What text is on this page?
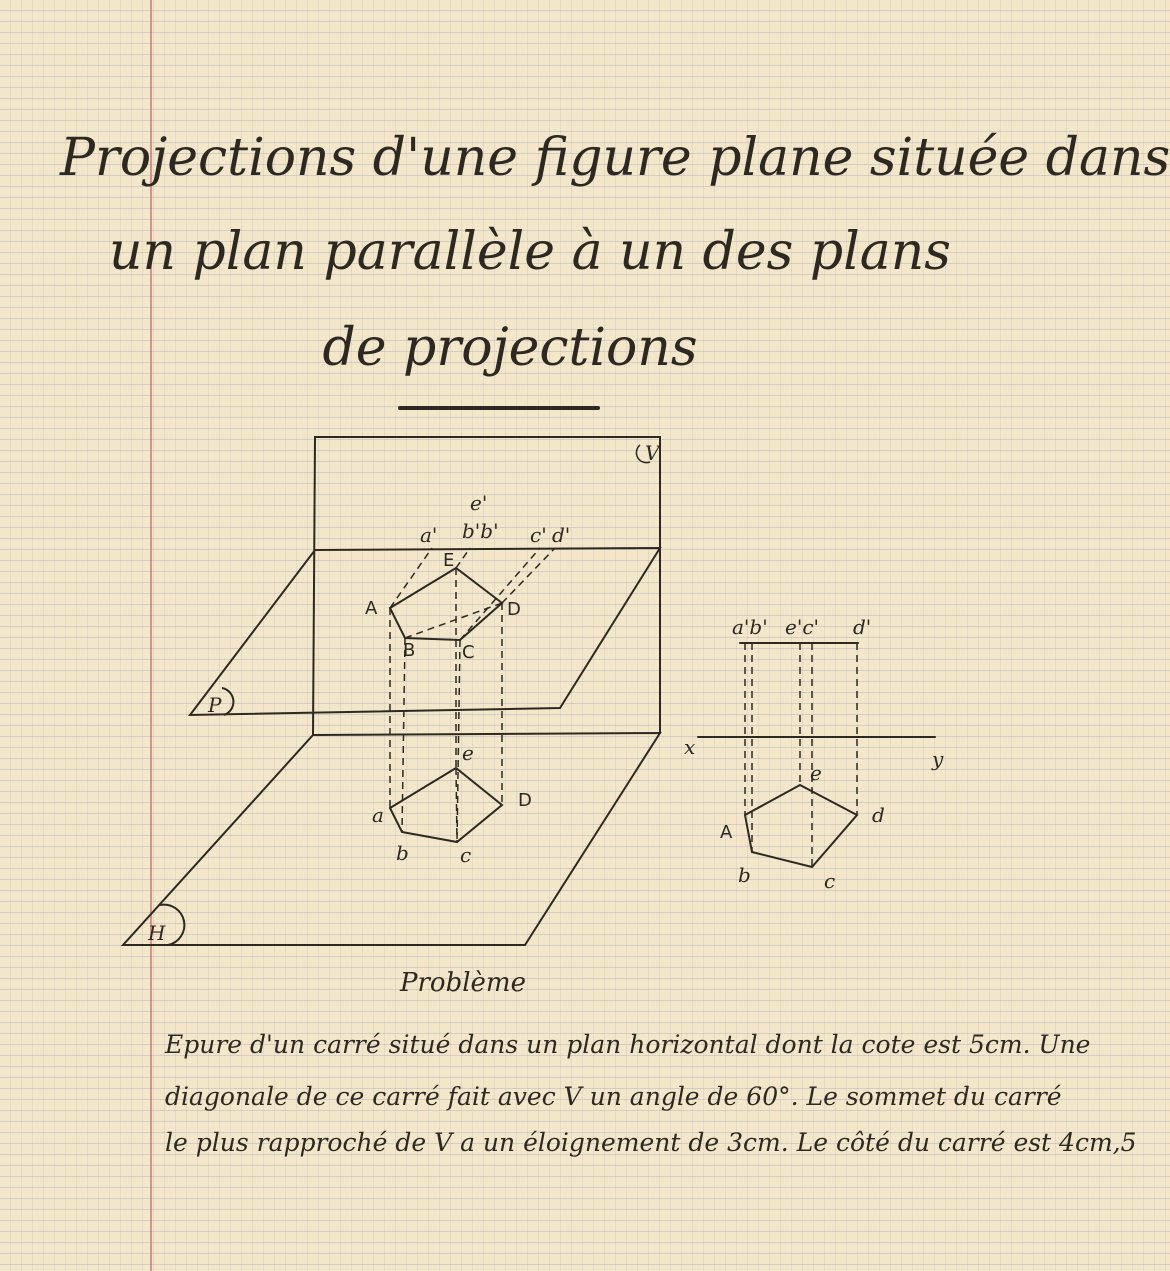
Projections d'une figure plane située dans
un plan parallèle à un des plans
de projections
V
P
H
a'
e'
b'b' c' d'
A
B	C
D
E
a
b	c
D
e
a'b' e'c' d'
x	y
A
b	c
d
e
Problème
Epure d'un carré situé dans un plan horizontal dont la cote est 5cm. Une
diagonale de ce carré fait avec V un angle de 60°. Le sommet du carré
le plus rapproché de V a un éloignement de 3cm. Le côté du carré est 4cm,5
